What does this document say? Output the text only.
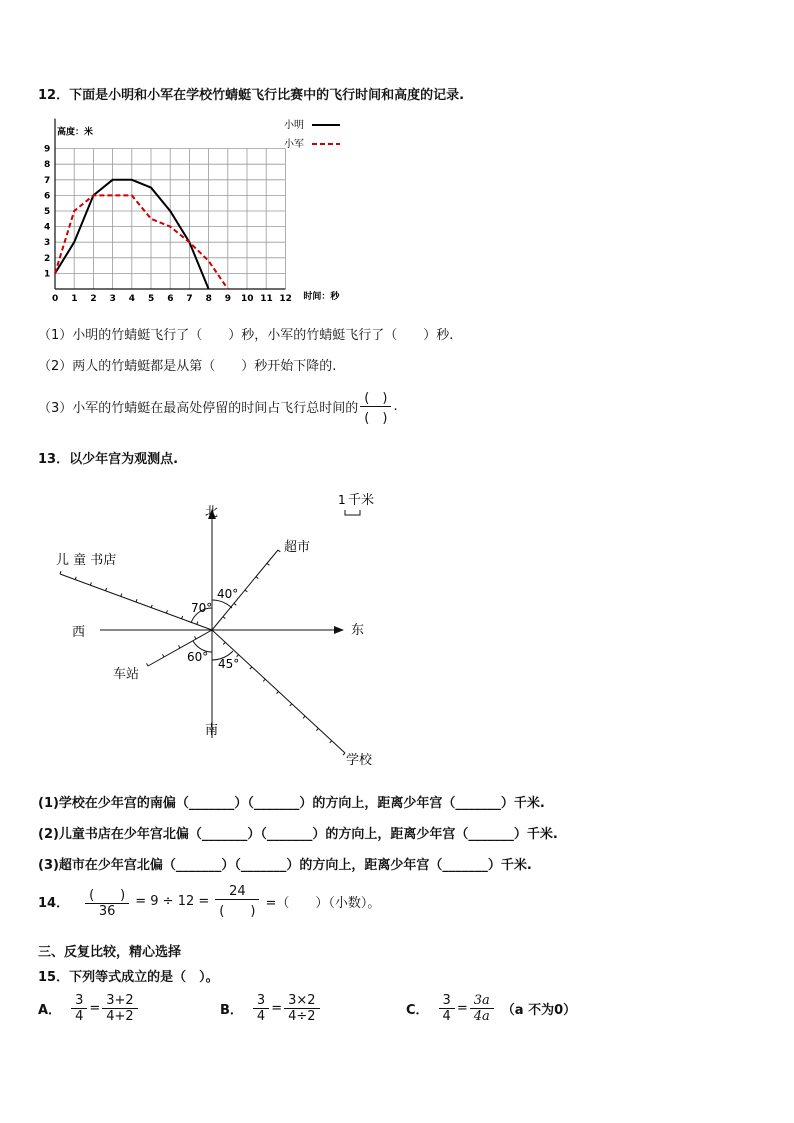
12．下面是小明和小军在学校竹蜻蜓飞行比赛中的飞行时间和高度的记录.
高度：米
时间：秒
0 1 2 3 4 5 6 7 8 9 10 11 12
1
2
3
4
5
6
7
8
9
小明
小军
（1）小明的竹蜻蜓飞行了（　　）秒，小军的竹蜻蜓飞行了（　　）秒.
（2）两人的竹蜻蜓都是从第（　　）秒开始下降的.
（3）小军的竹蜻蜓在最高处停留的时间占飞行总时间的 $\frac{( )}{( )}$ .
13．以少年宫为观测点.
1 千米
北
南
东
西
儿 童 书店
超市
车站
学校
40°
70°
60° 45°
(1)学校在少年宫的南偏（_______）（_______）的方向上，距离少年宫（_______）千米.
(2)儿童书店在少年宫北偏（_______）（_______）的方向上，距离少年宫（_______）千米.
(3)超市在少年宫北偏（_______）（_______）的方向上，距离少年宫（_______）千米.
14． $\frac{( )}{36} = 9 \div 12 = \frac{24}{( )}$ =（　　）（小数）。
三、反复比较，精心选择
15．下列等式成立的是（　）。
A． $\frac{3}{4} = \frac{3+2}{4+2}$	B． $\frac{3}{4} = \frac{3\times 2}{4\div 2}$	C． $\frac{3}{4} = \frac{3a}{4a} (a$ 不为0）
